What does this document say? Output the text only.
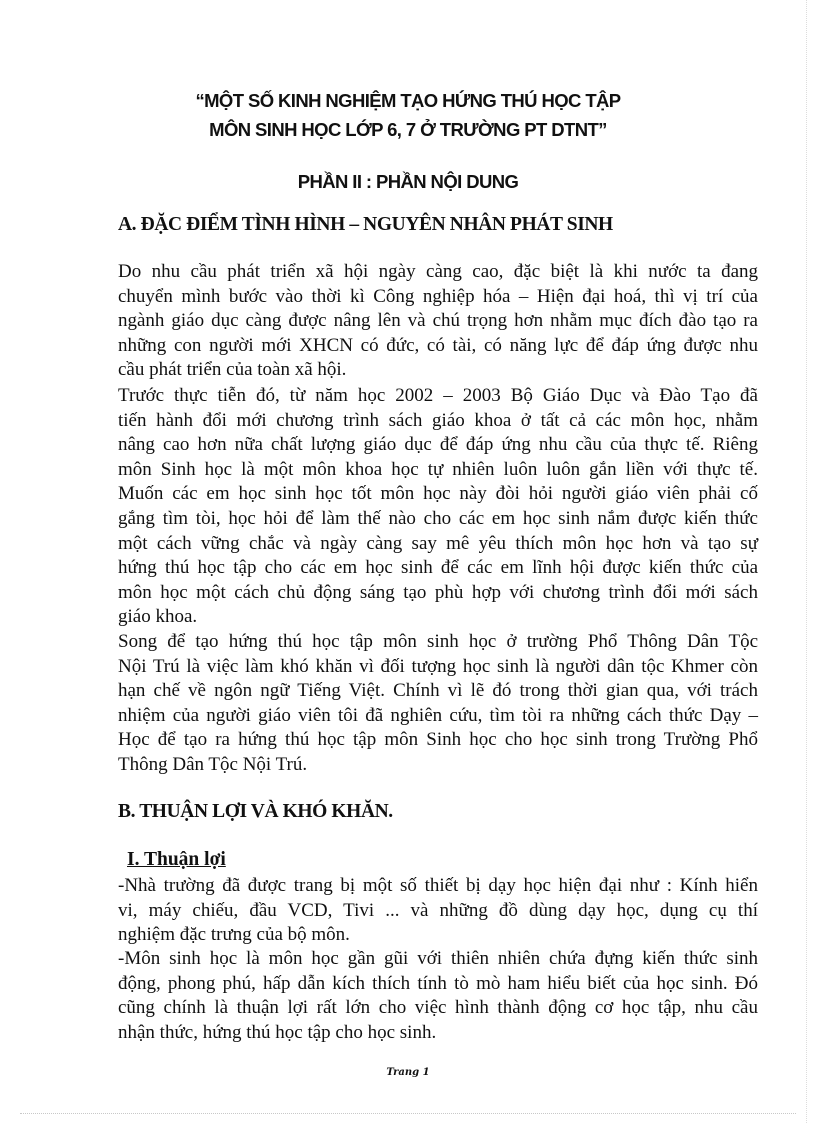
“MỘT SỐ KINH NGHIỆM TẠO HỨNG THÚ HỌC TẬP
MÔN SINH HỌC LỚP 6, 7 Ở TRƯỜNG PT DTNT”
PHẦN II : PHẦN NỘI DUNG
A. ĐẶC ĐIỂM TÌNH HÌNH – NGUYÊN NHÂN PHÁT SINH
Do nhu cầu phát triển xã hội ngày càng cao, đặc biệt là khi nước ta đang
chuyển mình bước vào thời kì Công nghiệp hóa – Hiện đại hoá, thì vị trí của
ngành giáo dục càng được nâng lên và chú trọng hơn nhằm mục đích đào tạo ra
những con người mới XHCN có đức, có tài, có năng lực để đáp ứng được nhu
cầu phát triển của toàn xã hội.
Trước thực tiễn đó, từ năm học 2002 – 2003 Bộ Giáo Dục và Đào Tạo đã
tiến hành đổi mới chương trình sách giáo khoa ở tất cả các môn học, nhằm
nâng cao hơn nữa chất lượng giáo dục để đáp ứng nhu cầu của thực tế. Riêng
môn Sinh học là một môn khoa học tự nhiên luôn luôn gắn liền với thực tế.
Muốn các em học sinh học tốt môn học này đòi hỏi người giáo viên phải cố
gắng tìm tòi, học hỏi để làm thế nào cho các em học sinh nắm được kiến thức
một cách vững chắc và ngày càng say mê yêu thích môn học hơn và tạo sự
hứng thú học tập cho các em học sinh để các em lĩnh hội được kiến thức của
môn học một cách chủ động sáng tạo phù hợp với chương trình đổi mới sách
giáo khoa.
Song để tạo hứng thú học tập môn sinh học ở trường Phổ Thông Dân Tộc
Nội Trú là việc làm khó khăn vì đối tượng học sinh là người dân tộc Khmer còn
hạn chế về ngôn ngữ Tiếng Việt. Chính vì lẽ đó trong thời gian qua, với trách
nhiệm của người giáo viên tôi đã nghiên cứu, tìm tòi ra những cách thức Dạy –
Học để tạo ra hứng thú học tập môn Sinh học cho học sinh trong Trường Phổ
Thông Dân Tộc Nội Trú.
B. THUẬN LỢI VÀ KHÓ KHĂN.
I. Thuận lợi
-Nhà trường đã được trang bị một số thiết bị dạy học hiện đại như : Kính hiển
vi, máy chiếu, đầu VCD, Tivi ... và những đồ dùng dạy học, dụng cụ thí
nghiệm đặc trưng của bộ môn.
-Môn sinh học là môn học gần gũi với thiên nhiên chứa đựng kiến thức sinh
động, phong phú, hấp dẫn kích thích tính tò mò ham hiểu biết của học sinh. Đó
cũng chính là thuận lợi rất lớn cho việc hình thành động cơ học tập, nhu cầu
nhận thức, hứng thú học tập cho học sinh.
Trang 1
